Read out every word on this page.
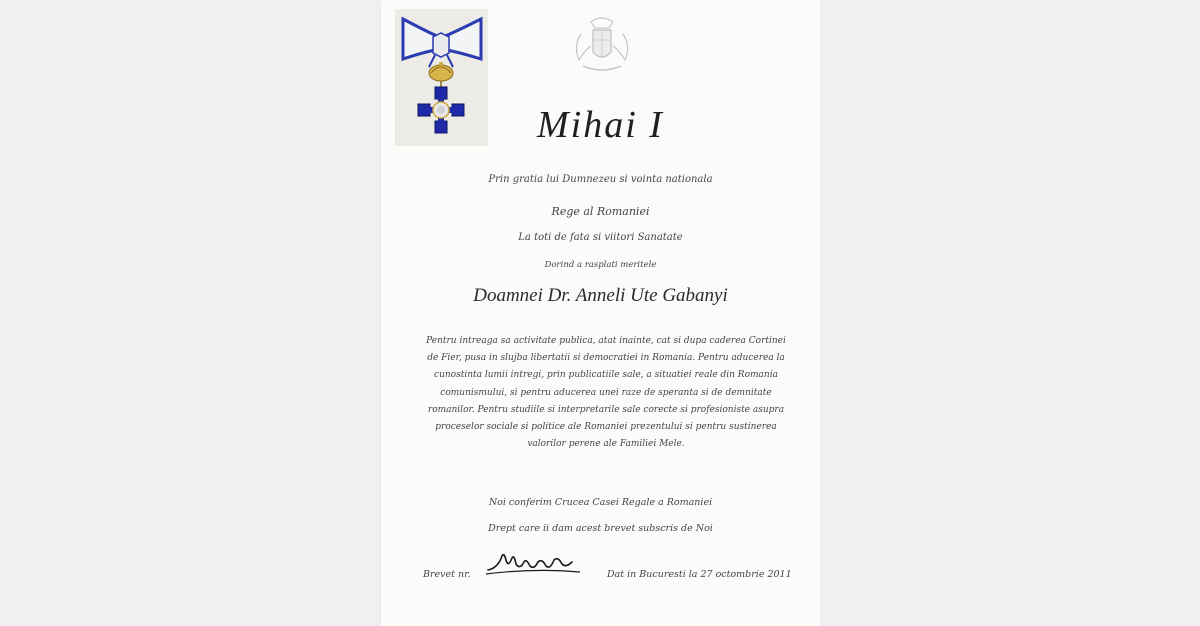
Mihai I
Prin gratia lui Dumnezeu si vointa nationala
Rege al Romaniei
La toti de fata si viitori Sanatate
Dorind a rasplati meritele
Doamnei Dr. Anneli Ute Gabanyi
Pentru intreaga sa activitate publica, atat inainte, cat si dupa caderea Cortinei de Fier, pusa in slujba libertatii si democratiei in Romania. Pentru aducerea la cunostinta lumii intregi, prin publicatiile sale, a situatiei reale din Romania comunismului, si pentru aducerea unei raze de speranta si de demnitate romanilor. Pentru studiile si interpretarile sale corecte si profesioniste asupra proceselor sociale si politice ale Romaniei prezentului si pentru sustinerea valorilor perene ale Familiei Mele.
Noi conferim Crucea Casei Regale a Romaniei
Drept care ii dam acest brevet subscris de Noi
Brevet nr.	Dat in Bucuresti la 27 octombrie 2011
